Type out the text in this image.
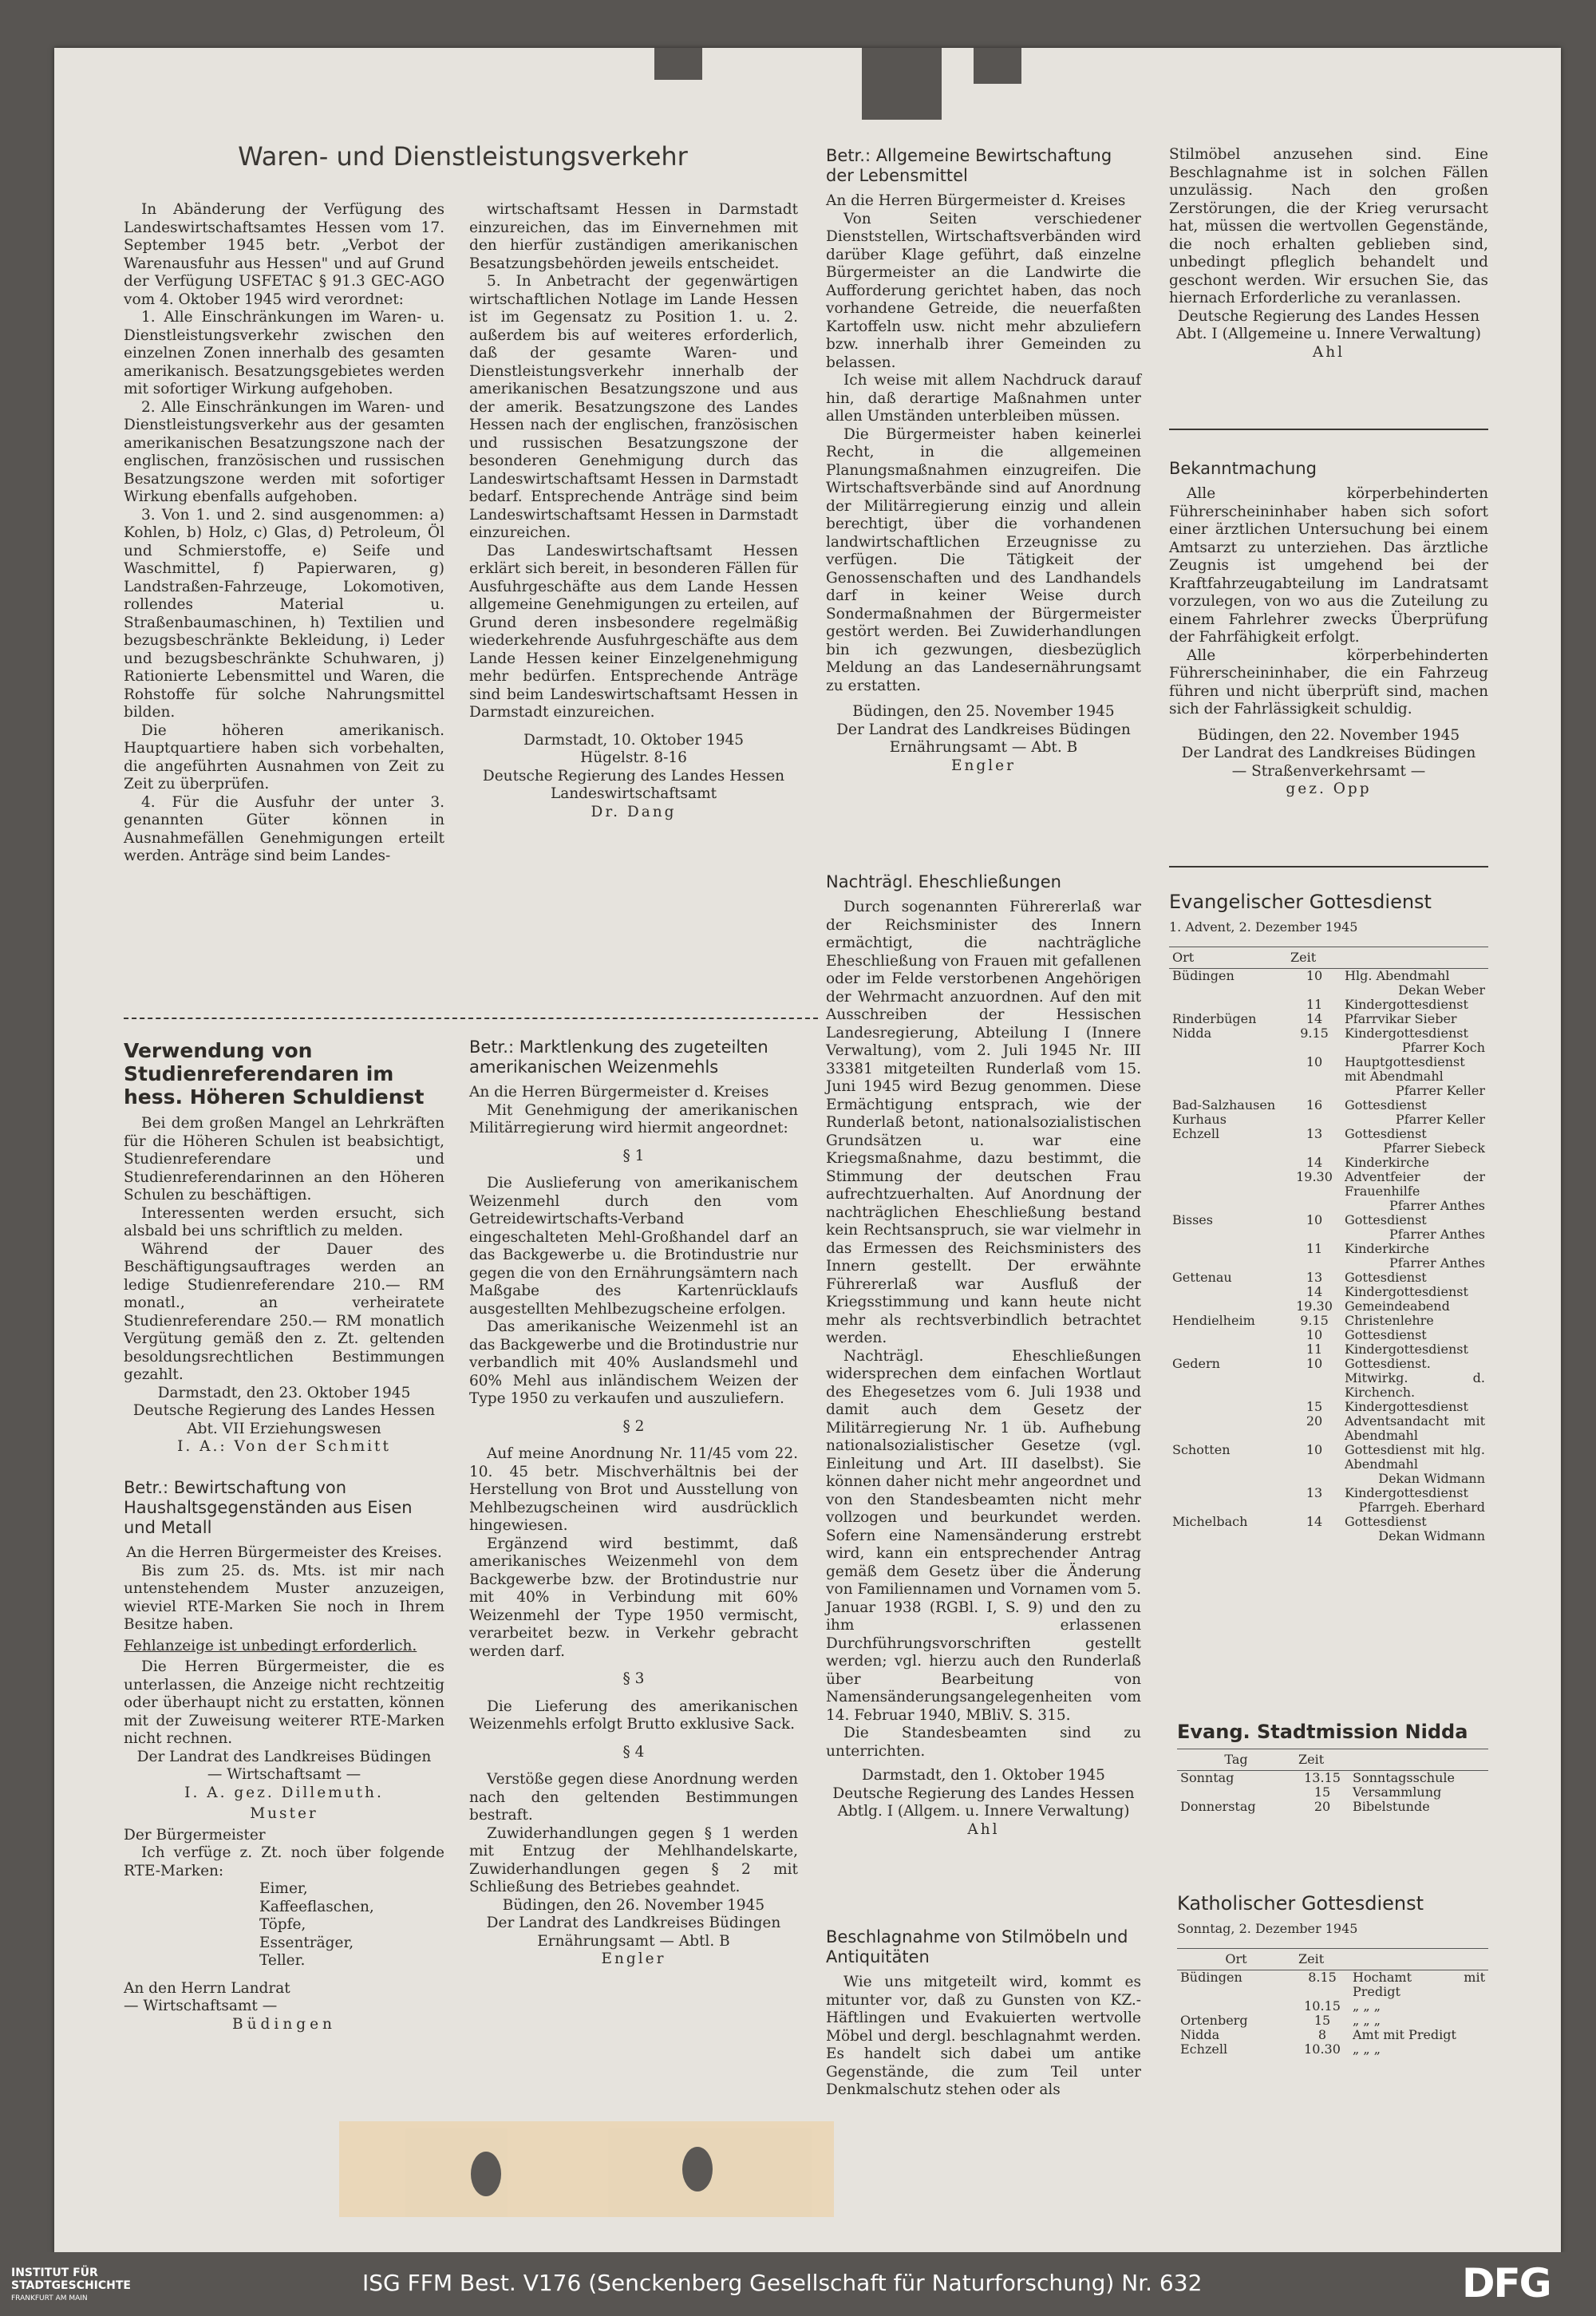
Waren- und Dienstleistungsverkehr

In Abänderung der Verfügung des Landeswirtschaftsamtes Hessen vom 17. September 1945 betr. „Verbot der Warenausfuhr aus Hessen" und auf Grund der Verfügung USFETAC § 91.3 GEC-AGO vom 4. Oktober 1945 wird verordnet:

1. Alle Einschränkungen im Waren- u. Dienstleistungsverkehr zwischen den einzelnen Zonen innerhalb des gesamten amerikanisch. Besatzungsgebietes werden mit sofortiger Wirkung aufgehoben.

2. Alle Einschränkungen im Waren- und Dienstleistungsverkehr aus der gesamten amerikanischen Besatzungszone nach der englischen, französischen und russischen Besatzungszone werden mit sofortiger Wirkung ebenfalls aufgehoben.

3. Von 1. und 2. sind ausgenommen: a) Kohlen, b) Holz, c) Glas, d) Petroleum, Öl und Schmierstoffe, e) Seife und Waschmittel, f) Papierwaren, g) Landstraßen-Fahrzeuge, Lokomotiven, rollendes Material u. Straßenbaumaschinen, h) Textilien und bezugsbeschränkte Bekleidung, i) Leder und bezugsbeschränkte Schuhwaren, j) Rationierte Lebensmittel und Waren, die Rohstoffe für solche Nahrungsmittel bilden.

Die höheren amerikanisch. Hauptquartiere haben sich vorbehalten, die angeführten Ausnahmen von Zeit zu Zeit zu überprüfen.

4. Für die Ausfuhr der unter 3. genannten Güter können in Ausnahmefällen Genehmigungen erteilt werden. Anträge sind beim Landes-

wirtschaftsamt Hessen in Darmstadt einzureichen, das im Einvernehmen mit den hierfür zuständigen amerikanischen Besatzungsbehörden jeweils entscheidet.

5. In Anbetracht der gegenwärtigen wirtschaftlichen Notlage im Lande Hessen ist im Gegensatz zu Position 1. u. 2. außerdem bis auf weiteres erforderlich, daß der gesamte Waren- und Dienstleistungsverkehr innerhalb der amerikanischen Besatzungszone und aus der amerik. Besatzungszone des Landes Hessen nach der englischen, französischen und russischen Besatzungszone der besonderen Genehmigung durch das Landeswirtschaftsamt Hessen in Darmstadt bedarf. Entsprechende Anträge sind beim Landeswirtschaftsamt Hessen in Darmstadt einzureichen.

Das Landeswirtschaftsamt Hessen erklärt sich bereit, in besonderen Fällen für Ausfuhrgeschäfte aus dem Lande Hessen allgemeine Genehmigungen zu erteilen, auf Grund deren insbesondere regelmäßig wiederkehrende Ausfuhrgeschäfte aus dem Lande Hessen keiner Einzelgenehmigung mehr bedürfen. Entsprechende Anträge sind beim Landeswirtschaftsamt Hessen in Darmstadt einzureichen.

Darmstadt, 10. Oktober 1945

Hügelstr. 8-16

Deutsche Regierung des Landes Hessen

Landeswirtschaftsamt

Dr. Dang

Betr.: Allgemeine Bewirtschaftung der Lebensmittel

An die Herren Bürgermeister d. Kreises

Von Seiten verschiedener Dienststellen, Wirtschaftsverbänden wird darüber Klage geführt, daß einzelne Bürgermeister an die Landwirte die Aufforderung gerichtet haben, das noch vorhandene Getreide, die neuerfaßten Kartoffeln usw. nicht mehr abzuliefern bzw. innerhalb ihrer Gemeinden zu belassen.

Ich weise mit allem Nachdruck darauf hin, daß derartige Maßnahmen unter allen Umständen unterbleiben müssen.

Die Bürgermeister haben keinerlei Recht, in die allgemeinen Planungsmaßnahmen einzugreifen. Die Wirtschaftsverbände sind auf Anordnung der Militärregierung einzig und allein berechtigt, über die vorhandenen landwirtschaftlichen Erzeugnisse zu verfügen. Die Tätigkeit der Genossenschaften und des Landhandels darf in keiner Weise durch Sondermaßnahmen der Bürgermeister gestört werden. Bei Zuwiderhandlungen bin ich gezwungen, diesbezüglich Meldung an das Landesernährungsamt zu erstatten.

Büdingen, den 25. November 1945

Der Landrat des Landkreises Büdingen

Ernährungsamt — Abt. B

Engler

Stilmöbel anzusehen sind. Eine Beschlagnahme ist in solchen Fällen unzulässig. Nach den großen Zerstörungen, die der Krieg verursacht hat, müssen die wertvollen Gegenstände, die noch erhalten geblieben sind, unbedingt pfleglich behandelt und geschont werden. Wir ersuchen Sie, das hiernach Erforderliche zu veranlassen.

Deutsche Regierung des Landes Hessen

Abt. I (Allgemeine u. Innere Verwaltung)

Ahl

Bekanntmachung

Alle körperbehinderten Führerscheininhaber haben sich sofort einer ärztlichen Untersuchung bei einem Amtsarzt zu unterziehen. Das ärztliche Zeugnis ist umgehend bei der Kraftfahrzeugabteilung im Landratsamt vorzulegen, von wo aus die Zuteilung zu einem Fahrlehrer zwecks Überprüfung der Fahrfähigkeit erfolgt.

Alle körperbehinderten Führerscheininhaber, die ein Fahrzeug führen und nicht überprüft sind, machen sich der Fahrlässigkeit schuldig.

Büdingen, den 22. November 1945

Der Landrat des Landkreises Büdingen

— Straßenverkehrsamt —

gez. Opp

Evangelischer Gottesdienst
1. Advent, 2. Dezember 1945
Ort	Zeit	
Büdingen	10	Hlg. Abendmahl
Dekan Weber

	11	Kindergottesdienst

Rinderbügen	14	Pfarrvikar Sieber

Nidda	9.15	Kindergottesdienst
Pfarrer Koch

	10	Hauptgottesdienst mit Abendmahl
Pfarrer Keller

Bad-Salzhausen Kurhaus	16	Gottesdienst
Pfarrer Keller

Echzell	13	Gottesdienst
Pfarrer Siebeck

	14	Kinderkirche

	19.30	Adventfeier der Frauenhilfe
Pfarrer Anthes

Bisses	10	Gottesdienst
Pfarrer Anthes

	11	Kinderkirche
Pfarrer Anthes

Gettenau	13	Gottesdienst

	14	Kindergottesdienst

	19.30	Gemeindeabend

Hendielheim	9.15	Christenlehre

	10	Gottesdienst

	11	Kindergottesdienst

Gedern	10	Gottesdienst. Mitwirkg. d. Kirchench.

	15	Kindergottesdienst

	20	Adventsandacht mit Abendmahl

Schotten	10	Gottesdienst mit hlg. Abendmahl
Dekan Widmann

	13	Kindergottesdienst
Pfarrgeh. Eberhard

Michelbach	14	Gottesdienst
Dekan Widmann
Evang. Stadtmission Nidda
Tag	Zeit	
Sonntag	13.15	Sonntagsschule

	15	Versammlung

Donnerstag	20	Bibelstunde
Katholischer Gottesdienst
Sonntag, 2. Dezember 1945
Ort	Zeit	
Büdingen	8.15	Hochamt mit Predigt

	10.15	„ „ „

Ortenberg	15	„ „ „

Nidda	8	Amt mit Predigt

Echzell	10.30	„ „ „
Verwendung von Studienreferendaren im hess. Höheren Schuldienst

Bei dem großen Mangel an Lehrkräften für die Höheren Schulen ist beabsichtigt, Studienreferendare und Studienreferendarinnen an den Höheren Schulen zu beschäftigen.

Interessenten werden ersucht, sich alsbald bei uns schriftlich zu melden.

Während der Dauer des Beschäftigungsauftrages werden an ledige Studienreferendare 210.— RM monatl., an verheiratete Studienreferendare 250.— RM monatlich Vergütung gemäß den z. Zt. geltenden besoldungsrechtlichen Bestimmungen gezahlt.

Darmstadt, den 23. Oktober 1945

Deutsche Regierung des Landes Hessen

Abt. VII Erziehungswesen

I. A.: Von der Schmitt

Betr.: Bewirtschaftung von Haushaltsgegenständen aus Eisen und Metall

An die Herren Bürgermeister des Kreises.

Bis zum 25. ds. Mts. ist mir nach untenstehendem Muster anzuzeigen, wieviel RTE-Marken Sie noch in Ihrem Besitze haben.

Fehlanzeige ist unbedingt erforderlich.

Die Herren Bürgermeister, die es unterlassen, die Anzeige nicht rechtzeitig oder überhaupt nicht zu erstatten, können mit der Zuweisung weiterer RTE-Marken nicht rechnen.

Der Landrat des Landkreises Büdingen

— Wirtschaftsamt —

I. A. gez. Dillemuth.

Muster

Der Bürgermeister

Ich verfüge z. Zt. noch über folgende RTE-Marken:

Eimer,

Kaffeeflaschen,

Töpfe,

Essenträger,

Teller.

An den Herrn Landrat

— Wirtschaftsamt —

Büdingen

Betr.: Marktlenkung des zugeteilten amerikanischen Weizenmehls

An die Herren Bürgermeister d. Kreises

Mit Genehmigung der amerikanischen Militärregierung wird hiermit angeordnet:

§ 1

Die Auslieferung von amerikanischem Weizenmehl durch den vom Getreidewirtschafts-Verband eingeschalteten Mehl-Großhandel darf an das Backgewerbe u. die Brotindustrie nur gegen die von den Ernährungsämtern nach Maßgabe des Kartenrücklaufs ausgestellten Mehlbezugscheine erfolgen.

Das amerikanische Weizenmehl ist an das Backgewerbe und die Brotindustrie nur verbandlich mit 40% Auslandsmehl und 60% Mehl aus inländischem Weizen der Type 1950 zu verkaufen und auszuliefern.

§ 2

Auf meine Anordnung Nr. 11/45 vom 22. 10. 45 betr. Mischverhältnis bei der Herstellung von Brot und Ausstellung von Mehlbezugscheinen wird ausdrücklich hingewiesen.

Ergänzend wird bestimmt, daß amerikanisches Weizenmehl von dem Backgewerbe bzw. der Brotindustrie nur mit 40% in Verbindung mit 60% Weizenmehl der Type 1950 vermischt, verarbeitet bezw. in Verkehr gebracht werden darf.

§ 3

Die Lieferung des amerikanischen Weizenmehls erfolgt Brutto exklusive Sack.

§ 4

Verstöße gegen diese Anordnung werden nach den geltenden Bestimmungen bestraft.

Zuwiderhandlungen gegen § 1 werden mit Entzug der Mehlhandelskarte, Zuwiderhandlungen gegen § 2 mit Schließung des Betriebes geahndet.

Büdingen, den 26. November 1945

Der Landrat des Landkreises Büdingen

Ernährungsamt — Abtl. B

Engler

Nachträgl. Eheschließungen

Durch sogenannten Führererlaß war der Reichsminister des Innern ermächtigt, die nachträgliche Eheschließung von Frauen mit gefallenen oder im Felde verstorbenen Angehörigen der Wehrmacht anzuordnen. Auf den mit Ausschreiben der Hessischen Landesregierung, Abteilung I (Innere Verwaltung), vom 2. Juli 1945 Nr. III 33381 mitgeteilten Runderlaß vom 15. Juni 1945 wird Bezug genommen. Diese Ermächtigung entsprach, wie der Runderlaß betont, nationalsozialistischen Grundsätzen u. war eine Kriegsmaßnahme, dazu bestimmt, die Stimmung der deutschen Frau aufrechtzuerhalten. Auf Anordnung der nachträglichen Eheschließung bestand kein Rechtsanspruch, sie war vielmehr in das Ermessen des Reichsministers des Innern gestellt. Der erwähnte Führererlaß war Ausfluß der Kriegsstimmung und kann heute nicht mehr als rechtsverbindlich betrachtet werden.

Nachträgl. Eheschließungen widersprechen dem einfachen Wortlaut des Ehegesetzes vom 6. Juli 1938 und damit auch dem Gesetz der Militärregierung Nr. 1 üb. Aufhebung nationalsozialistischer Gesetze (vgl. Einleitung und Art. III daselbst). Sie können daher nicht mehr angeordnet und von den Standesbeamten nicht mehr vollzogen und beurkundet werden. Sofern eine Namensänderung erstrebt wird, kann ein entsprechender Antrag gemäß dem Gesetz über die Änderung von Familiennamen und Vornamen vom 5. Januar 1938 (RGBl. I, S. 9) und den zu ihm erlassenen Durchführungsvorschriften gestellt werden; vgl. hierzu auch den Runderlaß über Bearbeitung von Namensänderungsangelegenheiten vom 14. Februar 1940, MBliV. S. 315.

Die Standesbeamten sind zu unterrichten.

Darmstadt, den 1. Oktober 1945

Deutsche Regierung des Landes Hessen

Abtlg. I (Allgem. u. Innere Verwaltung)

Ahl

Beschlagnahme von Stilmöbeln und Antiquitäten

Wie uns mitgeteilt wird, kommt es mitunter vor, daß zu Gunsten von KZ.-Häftlingen und Evakuierten wertvolle Möbel und dergl. beschlagnahmt werden. Es handelt sich dabei um antike Gegenstände, die zum Teil unter Denkmalschutz stehen oder als

INSTITUT FÜR
STADTGESCHICHTE
FRANKFURT AM MAIN
ISG FFM Best. V176 (Senckenberg Gesellschaft für Naturforschung) Nr. 632	DFG
